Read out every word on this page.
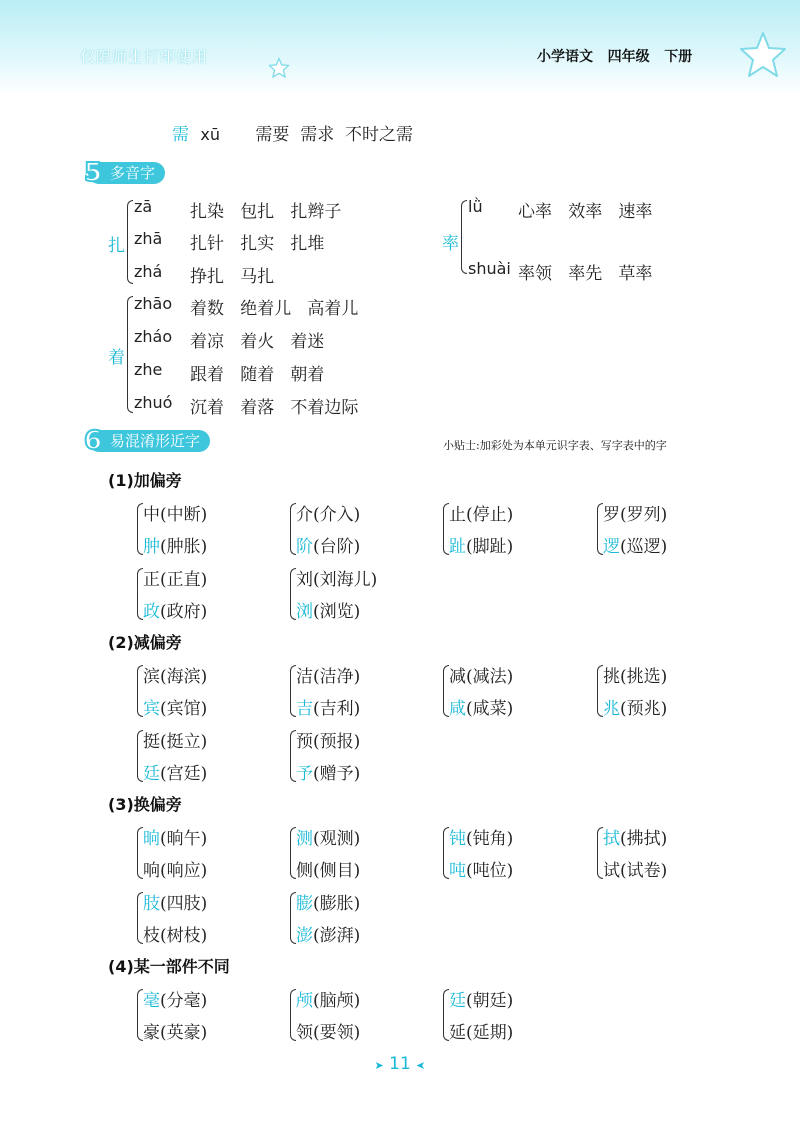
仅限师生打印使用	小学语文   四年级   下册
需 xū 需要  需求  不时之需
多音字
5
扎
zā 扎染   包扎   扎辫子
zhā 扎针   扎实   扎堆
zhá 挣扎   马扎
率
lǜ 心率   效率   速率
shuài 率领   率先   草率
着
zhāo 着数   绝着儿   高着儿
zháo 着凉   着火   着迷
zhe 跟着   随着   朝着
zhuó 沉着   着落   不着边际
易混淆形近字
6	小贴士:加彩处为本单元识字表、写字表中的字
(1)加偏旁
(2)减偏旁
(3)换偏旁
(4)某一部件不同
中(中断)
肿(肿胀)
介(介入)
阶(台阶)
止(停止)
趾(脚趾)
罗(罗列)
逻(巡逻)
正(正直)
政(政府)
刘(刘海儿)
浏(浏览)
滨(海滨)
宾(宾馆)
洁(洁净)
吉(吉利)
减(减法)
咸(咸菜)
挑(挑选)
兆(预兆)
挺(挺立)
廷(宫廷)
预(预报)
予(赠予)
晌(晌午)
响(响应)
测(观测)
侧(侧目)
钝(钝角)
吨(吨位)
拭(拂拭)
试(试卷)
肢(四肢)
枝(树枝)
膨(膨胀)
澎(澎湃)
毫(分毫)
豪(英豪)
颅(脑颅)
领(要领)
廷(朝廷)
延(延期)
➤ 11 ➤
